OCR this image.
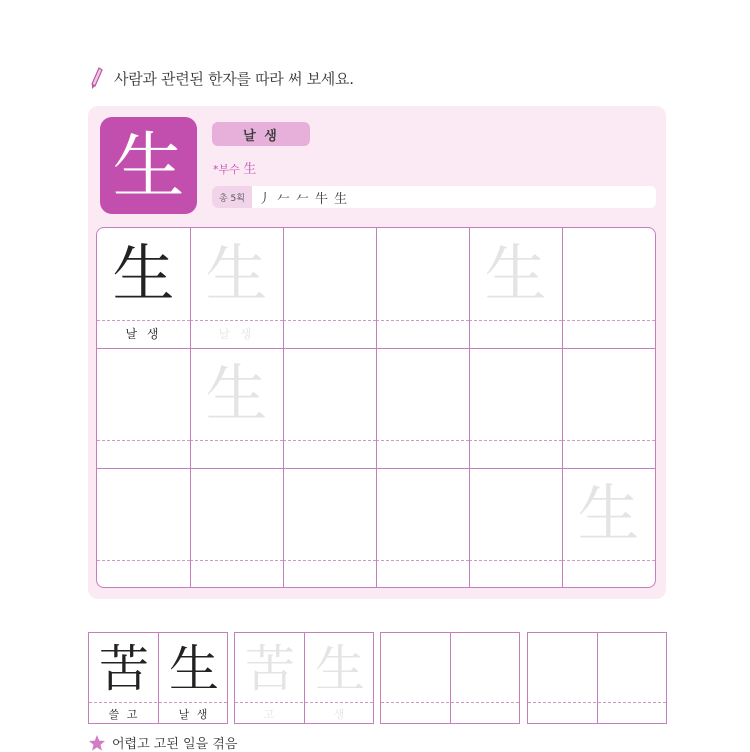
사람과 관련된 한자를 따라 써 보세요.
生	날 생
*부수 生
총 5획	丿 𠂉 𠂉 牛 生
生
날 생
生
날 생
生
生
生
苦
쓸 고
生
날 생
苦
고
生
생
어렵고 고된 일을 겪음
